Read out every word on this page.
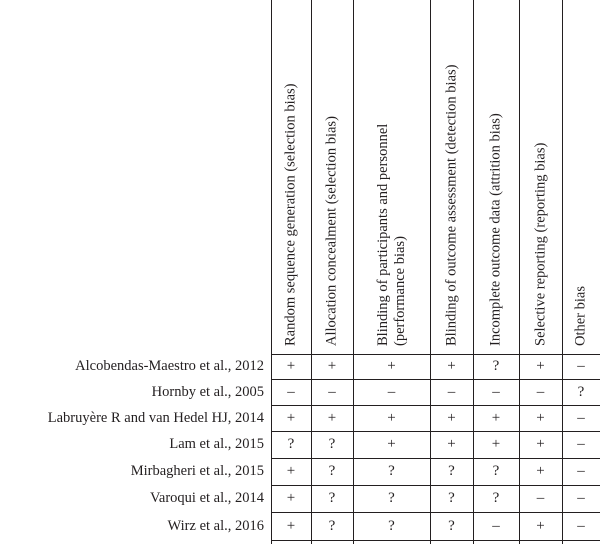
Random sequence generation (selection bias) Allocation concealment (selection bias) Blinding of participants and personnel
(performance bias) Blinding of outcome assessment (detection bias) Incomplete outcome data (attrition bias) Selective reporting (reporting bias) Other bias
Alcobendas-Maestro et al., 2012	+	+	+	+	?	+	–
Hornby et al., 2005	–	–	–	–	–	–	?
Labruyère R and van Hedel HJ, 2014	+	+	+	+	+	+	–
Lam et al., 2015	?	?	+	+	+	+	–
Mirbagheri et al., 2015	+	?	?	?	?	+	–
Varoqui et al., 2014	+	?	?	?	?	–	–
Wirz et al., 2016	+	?	?	?	–	+	–
